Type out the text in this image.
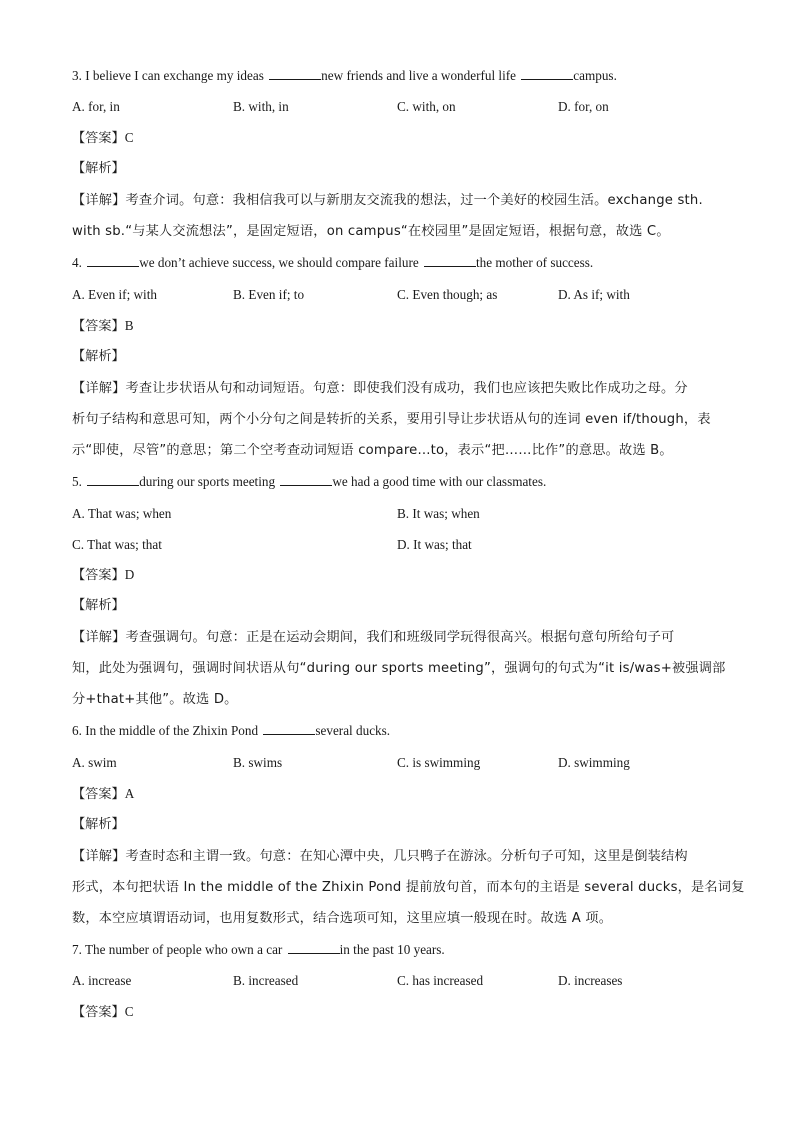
3. I believe I can exchange my ideas	new friends and live a wonderful life	campus.
A. for, in	B. with, in	C. with, on	D. for, on
【答案】C
【解析】
【详解】考查介词。句意：我相信我可以与新朋友交流我的想法，过一个美好的校园生活。exchange sth.
with sb.“与某人交流想法”，是固定短语，on campus“在校园里”是固定短语，根据句意，故选 C。
4.	we don’t achieve success, we should compare failure	the mother of success.
A. Even if; with	B. Even if; to	C. Even though; as	D. As if; with
【答案】B
【解析】
【详解】考查让步状语从句和动词短语。句意：即使我们没有成功，我们也应该把失败比作成功之母。分
析句子结构和意思可知，两个小分句之间是转折的关系，要用引导让步状语从句的连词 even if/though，表
示“即使，尽管”的意思；第二个空考查动词短语 compare...to，表示“把……比作”的意思。故选 B。
5.	during our sports meeting	we had a good time with our classmates.
A. That was; when	B. It was; when
C. That was; that	D. It was; that
【答案】D
【解析】
【详解】考查强调句。句意：正是在运动会期间，我们和班级同学玩得很高兴。根据句意句所给句子可
知，此处为强调句，强调时间状语从句“during our sports meeting”，强调句的句式为“it is/was+被强调部
分+that+其他”。故选 D。
6. In the middle of the Zhixin Pond	several ducks.
A. swim	B. swims	C. is swimming	D. swimming
【答案】A
【解析】
【详解】考查时态和主谓一致。句意：在知心潭中央，几只鸭子在游泳。分析句子可知，这里是倒装结构
形式，本句把状语 In the middle of the Zhixin Pond 提前放句首，而本句的主语是 several ducks，是名词复
数，本空应填谓语动词，也用复数形式，结合选项可知，这里应填一般现在时。故选 A 项。
7. The number of people who own a car	in the past 10 years.
A. increase	B. increased	C. has increased	D. increases
【答案】C
